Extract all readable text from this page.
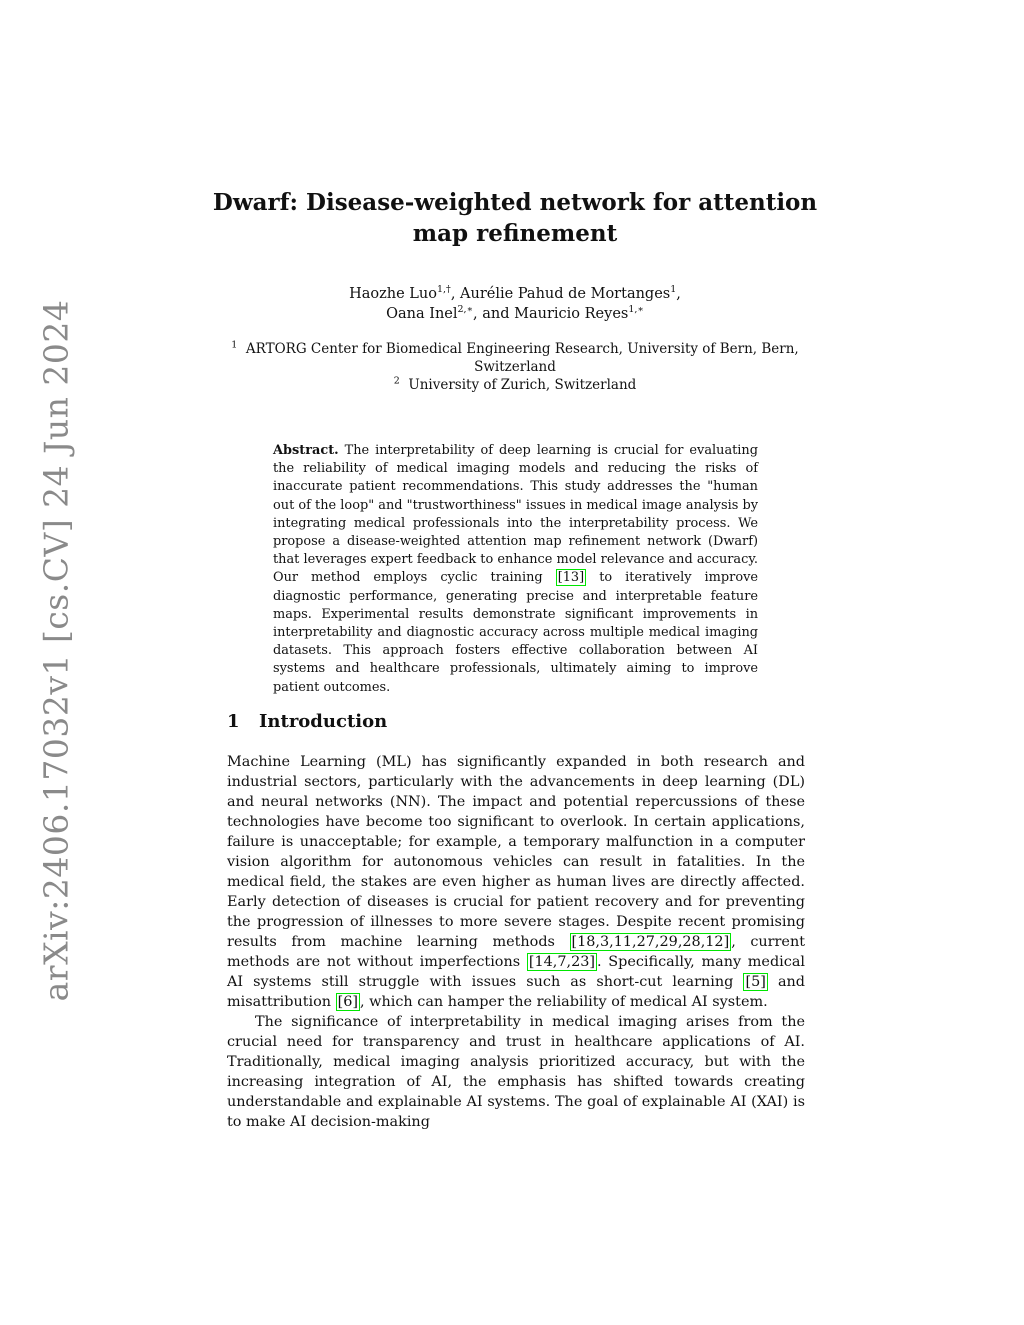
arXiv:2406.17032v1 [cs.CV] 24 Jun 2024
Dwarf: Disease-weighted network for attention
map refinement
Haozhe Luo$^{1,\dagger}$, Aurélie Pahud de Mortanges$^1$,
Oana Inel$^{2,∗}$, and Mauricio Reyes$^{1,∗}$
$^1$ ARTORG Center for Biomedical Engineering Research, University of Bern, Bern,
Switzerland
$^2$ University of Zurich, Switzerland
Abstract. The interpretability of deep learning is crucial for evaluating the reliability of medical imaging models and reducing the risks of inaccurate patient recommendations. This study addresses the "human out of the loop" and "trustworthiness" issues in medical image analysis by integrating medical professionals into the interpretability process. We propose a disease-weighted attention map refinement network (Dwarf) that leverages expert feedback to enhance model relevance and accuracy. Our method employs cyclic training [13] to iteratively improve diagnostic performance, generating precise and interpretable feature maps. Experimental results demonstrate significant improvements in interpretability and diagnostic accuracy across multiple medical imaging datasets. This approach fosters effective collaboration between AI systems and healthcare professionals, ultimately aiming to improve patient outcomes.
1 Introduction

Machine Learning (ML) has significantly expanded in both research and industrial sectors, particularly with the advancements in deep learning (DL) and neural networks (NN). The impact and potential repercussions of these technologies have become too significant to overlook. In certain applications, failure is unacceptable; for example, a temporary malfunction in a computer vision algorithm for autonomous vehicles can result in fatalities. In the medical field, the stakes are even higher as human lives are directly affected. Early detection of diseases is crucial for patient recovery and for preventing the progression of illnesses to more severe stages. Despite recent promising results from machine learning methods [18,3,11,27,29,28,12] , current methods are not without imperfections [14,7,23] . Specifically, many medical AI systems still struggle with issues such as short-cut learning [5] and misattribution [6] , which can hamper the reliability of medical AI system.

The significance of interpretability in medical imaging arises from the crucial need for transparency and trust in healthcare applications of AI. Traditionally, medical imaging analysis prioritized accuracy, but with the increasing integration of AI, the emphasis has shifted towards creating understandable and explainable AI systems. The goal of explainable AI (XAI) is to make AI decision-making
